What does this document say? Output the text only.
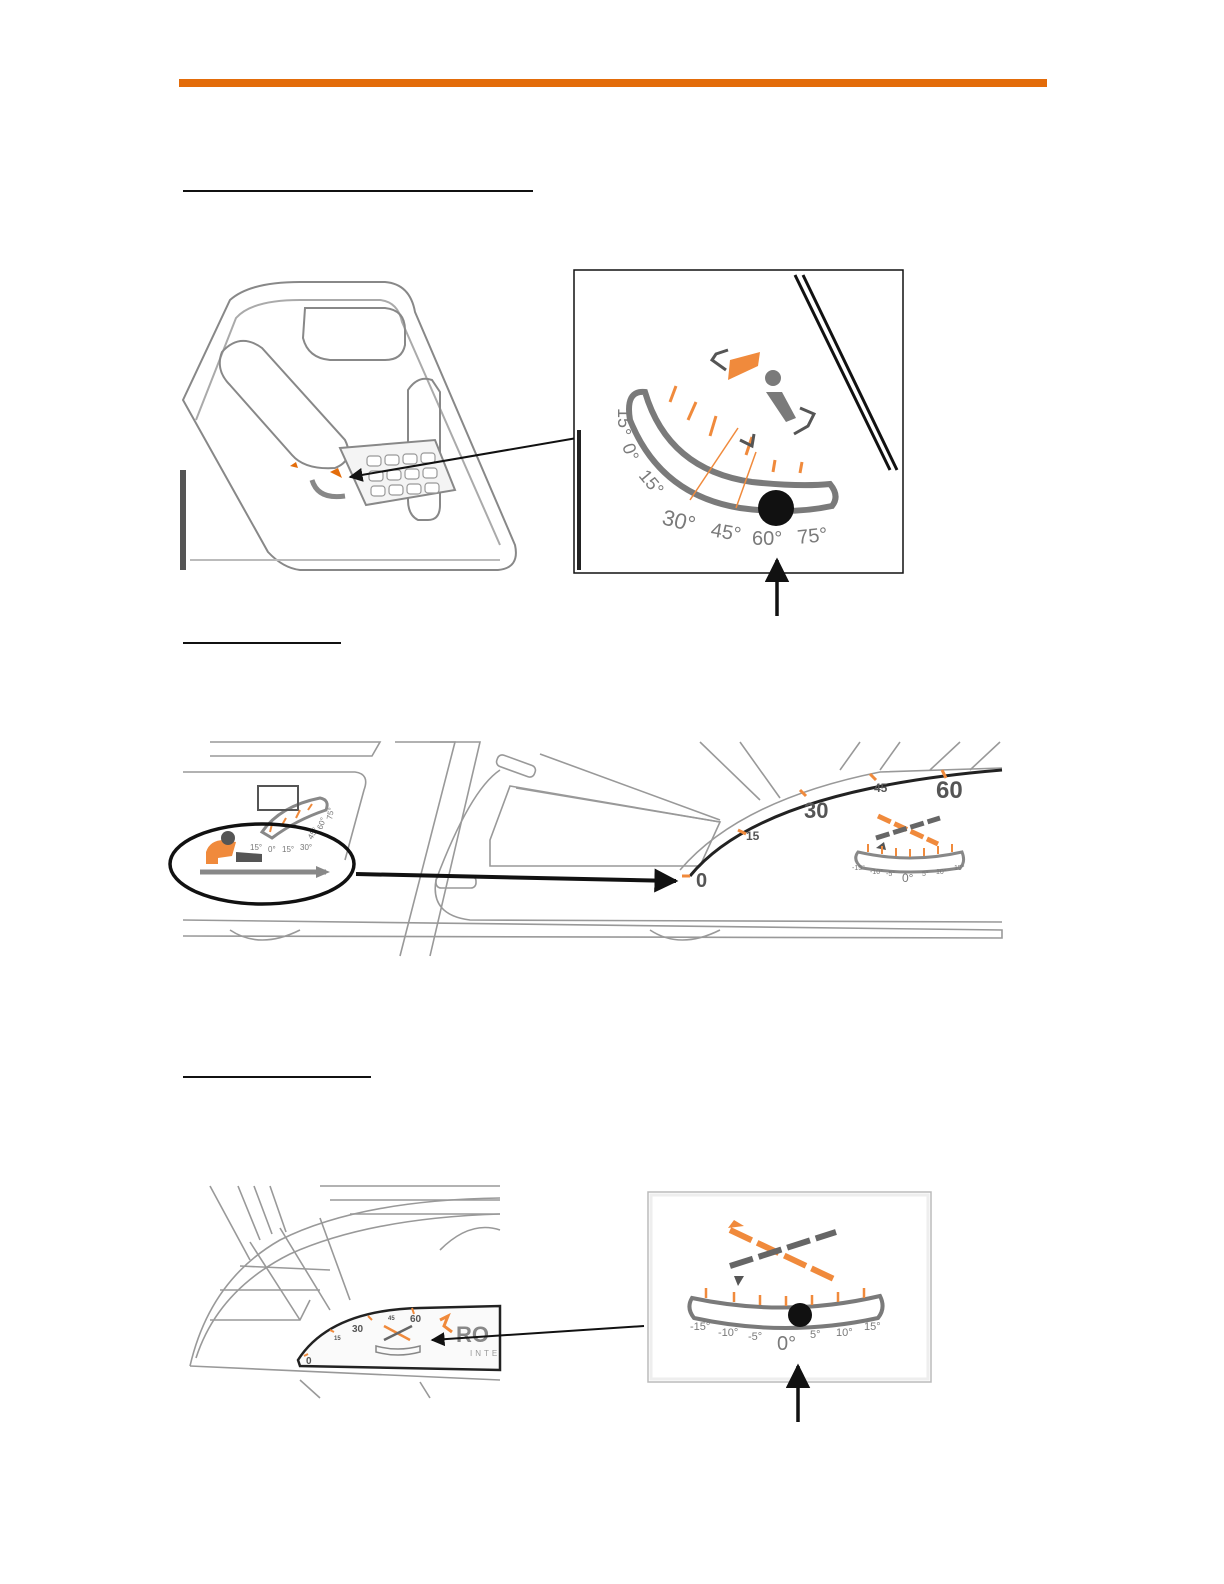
15°
0°
15°
30° 45° 60° 75°
15° 0° 15° 30°
45°
60°
75°
0
15
30
45 60
-15°
-10° -5° 0° 5° 10°
15°
0
15
30
45 60
RO
INTE
-15° -10° -5° 0° 5° 10° 15°
